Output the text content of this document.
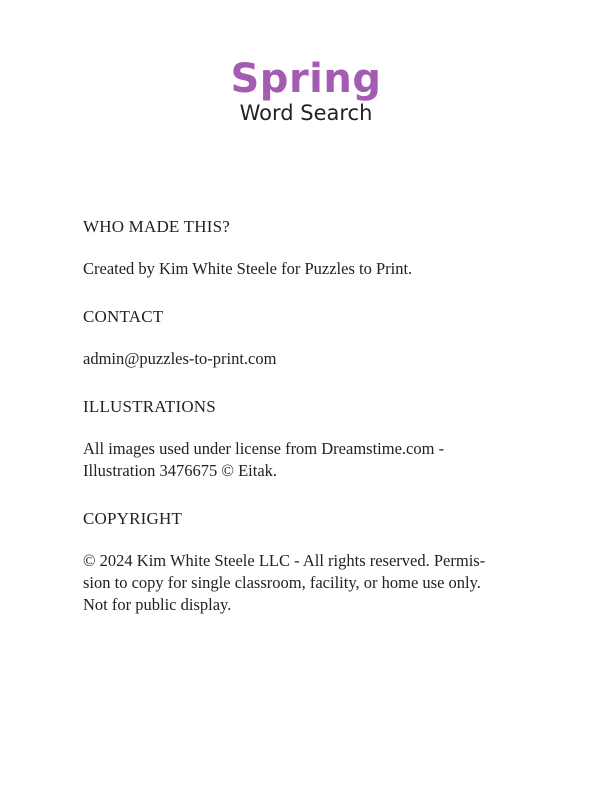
Spring
Word Search
WHO MADE THIS?

Created by Kim White Steele for Puzzles to Print.

CONTACT

admin@puzzles-to-print.com

ILLUSTRATIONS

All images used under license from Dreamstime.com -
Illustration 3476675 © Eitak.

COPYRIGHT

© 2024 Kim White Steele LLC - All rights reserved. Permis-
sion to copy for single classroom, facility, or home use only.
Not for public display.
